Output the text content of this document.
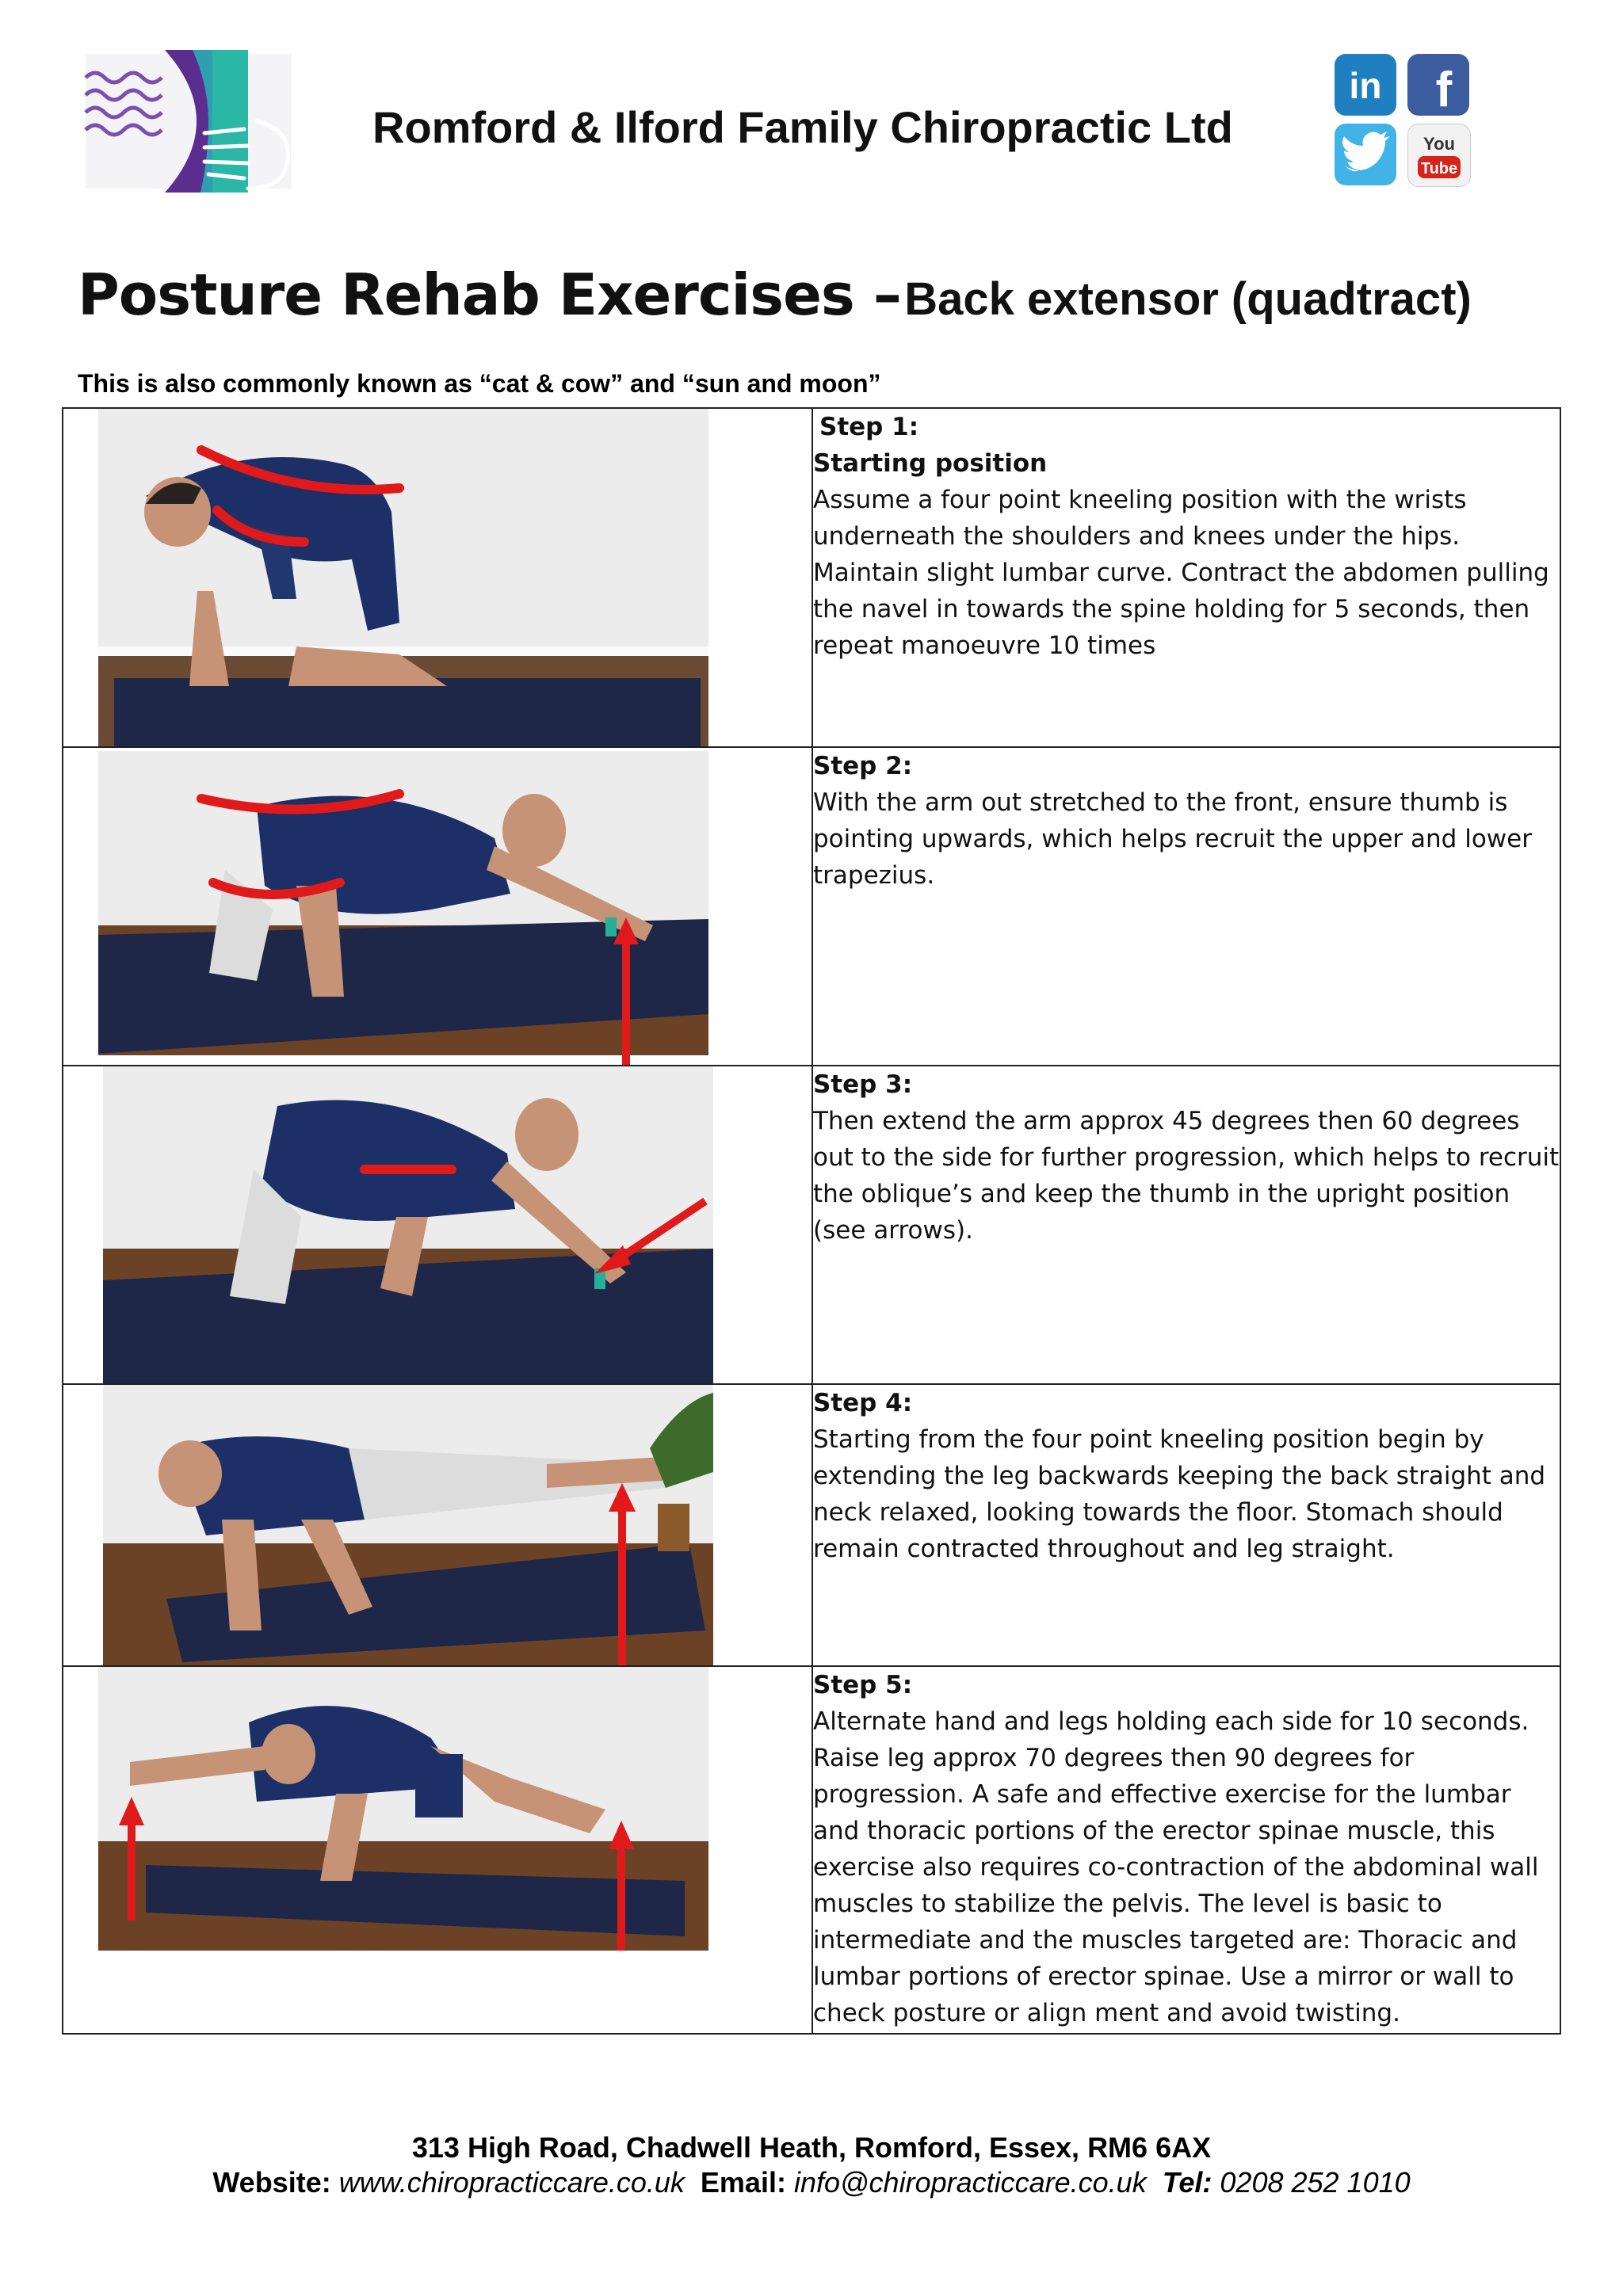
Romford & Ilford Family Chiropractic Ltd
in f
You
Tube
Posture Rehab Exercises – Back extensor (quadtract)
This is also commonly known as “cat & cow” and “sun and moon”

Step 1:
Starting position
Assume a four point kneeling position with the wrists underneath the shoulders and knees under the hips. Maintain slight lumbar curve. Contract the abdomen pulling the navel in towards the spine holding for 5 seconds, then repeat manoeuvre 10 times

Step 2:
With the arm out stretched to the front, ensure thumb is pointing upwards, which helps recruit the upper and lower trapezius.

Step 3:
Then extend the arm approx 45 degrees then 60 degrees out to the side for further progression, which helps to recruit the oblique’s and keep the thumb in the upright position (see arrows).

Step 4:
Starting from the four point kneeling position begin by extending the leg backwards keeping the back straight and neck relaxed, looking towards the floor. Stomach should remain contracted throughout and leg straight.

Step 5:
Alternate hand and legs holding each side for 10 seconds. Raise leg approx 70 degrees then 90 degrees for progression. A safe and effective exercise for the lumbar and thoracic portions of the erector spinae muscle, this exercise also requires co-contraction of the abdominal wall muscles to stabilize the pelvis. The level is basic to intermediate and the muscles targeted are: Thoracic and lumbar portions of erector spinae. Use a mirror or wall to check posture or align ment and avoid twisting.
313 High Road, Chadwell Heath, Romford, Essex, RM6 6AX
Website: www.chiropracticcare.co.uk Email: info@chiropracticcare.co.uk Tel: 0208 252 1010
